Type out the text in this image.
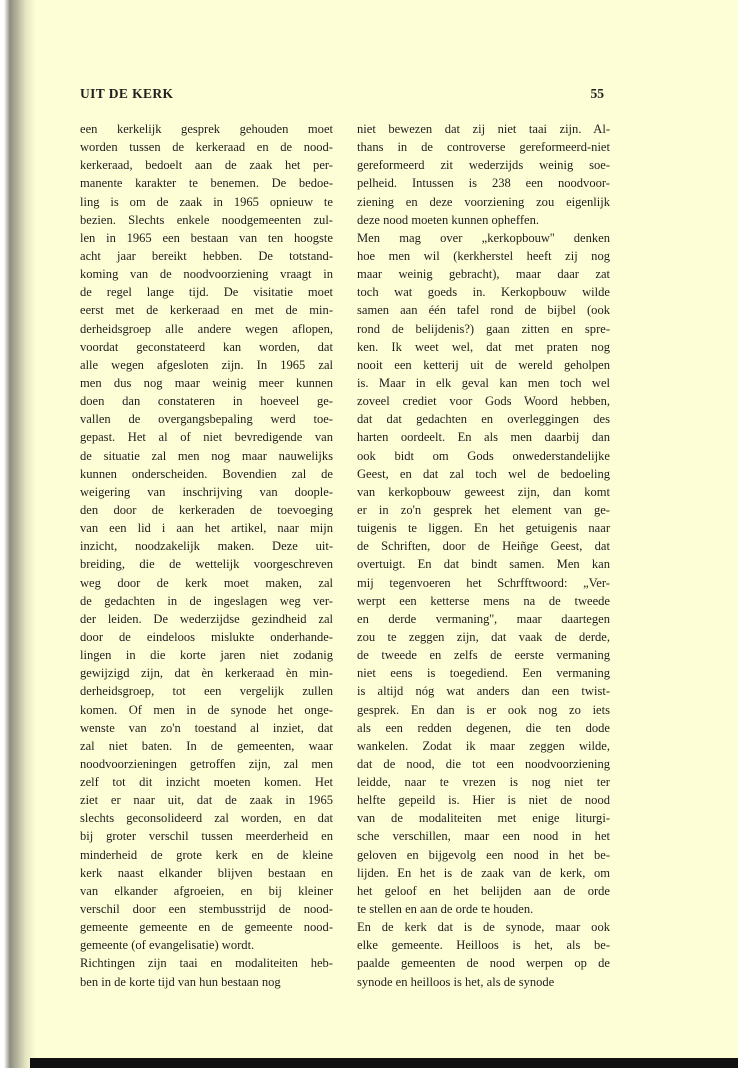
UIT DE KERK	55
een kerkelijk gesprek gehouden moet
worden tussen de kerkeraad en de nood-
kerkeraad, bedoelt aan de zaak het per-
manente karakter te benemen. De bedoe-
ling is om de zaak in 1965 opnieuw te
bezien. Slechts enkele noodgemeenten zul-
len in 1965 een bestaan van ten hoogste
acht jaar bereikt hebben. De totstand-
koming van de noodvoorziening vraagt in
de regel lange tijd. De visitatie moet
eerst met de kerkeraad en met de min-
derheidsgroep alle andere wegen aflopen,
voordat geconstateerd kan worden, dat
alle wegen afgesloten zijn. In 1965 zal
men dus nog maar weinig meer kunnen
doen dan constateren in hoeveel ge-
vallen de overgangsbepaling werd toe-
gepast. Het al of niet bevredigende van
de situatie zal men nog maar nauwelijks
kunnen onderscheiden. Bovendien zal de
weigering van inschrijving van doople-
den door de kerkeraden de toevoeging
van een lid i aan het artikel, naar mijn
inzicht, noodzakelijk maken. Deze uit-
breiding, die de wettelijk voorgeschreven
weg door de kerk moet maken, zal
de gedachten in de ingeslagen weg ver-
der leiden. De wederzijdse gezindheid zal
door de eindeloos mislukte onderhande-
lingen in die korte jaren niet zodanig
gewijzigd zijn, dat èn kerkeraad èn min-
derheidsgroep, tot een vergelijk zullen
komen. Of men in de synode het onge-
wenste van zo'n toestand al inziet, dat
zal niet baten. In de gemeenten, waar
noodvoorzieningen getroffen zijn, zal men
zelf tot dit inzicht moeten komen. Het
ziet er naar uit, dat de zaak in 1965
slechts geconsolideerd zal worden, en dat
bij groter verschil tussen meerderheid en
minderheid de grote kerk en de kleine
kerk naast elkander blijven bestaan en
van elkander afgroeien, en bij kleiner
verschil door een stembusstrijd de nood-
gemeente gemeente en de gemeente nood-
gemeente (of evangelisatie) wordt.
Richtingen zijn taai en modaliteiten heb-
ben in de korte tijd van hun bestaan nog
niet bewezen dat zij niet taai zijn. Al-
thans in de controverse gereformeerd-niet
gereformeerd zit wederzijds weinig soe-
pelheid. Intussen is 238 een noodvoor-
ziening en deze voorziening zou eigenlijk
deze nood moeten kunnen opheffen.
Men mag over „kerkopbouw'' denken
hoe men wil (kerkherstel heeft zij nog
maar weinig gebracht), maar daar zat
toch wat goeds in. Kerkopbouw wilde
samen aan één tafel rond de bijbel (ook
rond de belijdenis?) gaan zitten en spre-
ken. Ik weet wel, dat met praten nog
nooit een ketterij uit de wereld geholpen
is. Maar in elk geval kan men toch wel
zoveel crediet voor Gods Woord hebben,
dat dat gedachten en overleggingen des
harten oordeelt. En als men daarbij dan
ook bidt om Gods onwederstandelijke
Geest, en dat zal toch wel de bedoeling
van kerkopbouw geweest zijn, dan komt
er in zo'n gesprek het element van ge-
tuigenis te liggen. En het getuigenis naar
de Schriften, door de Heiñge Geest, dat
overtuigt. En dat bindt samen. Men kan
mij tegenvoeren het Schrfftwoord: „Ver-
werpt een ketterse mens na de tweede
en derde vermaning'', maar daartegen
zou te zeggen zijn, dat vaak de derde,
de tweede en zelfs de eerste vermaning
niet eens is toegediend. Een vermaning
is altijd nóg wat anders dan een twist-
gesprek. En dan is er ook nog zo iets
als een redden degenen, die ten dode
wankelen. Zodat ik maar zeggen wilde,
dat de nood, die tot een noodvoorziening
leidde, naar te vrezen is nog niet ter
helfte gepeild is. Hier is niet de nood
van de modaliteiten met enige liturgi-
sche verschillen, maar een nood in het
geloven en bijgevolg een nood in het be-
lijden. En het is de zaak van de kerk, om
het geloof en het belijden aan de orde
te stellen en aan de orde te houden.
En de kerk dat is de synode, maar ook
elke gemeente. Heilloos is het, als be-
paalde gemeenten de nood werpen op de
synode en heilloos is het, als de synode
